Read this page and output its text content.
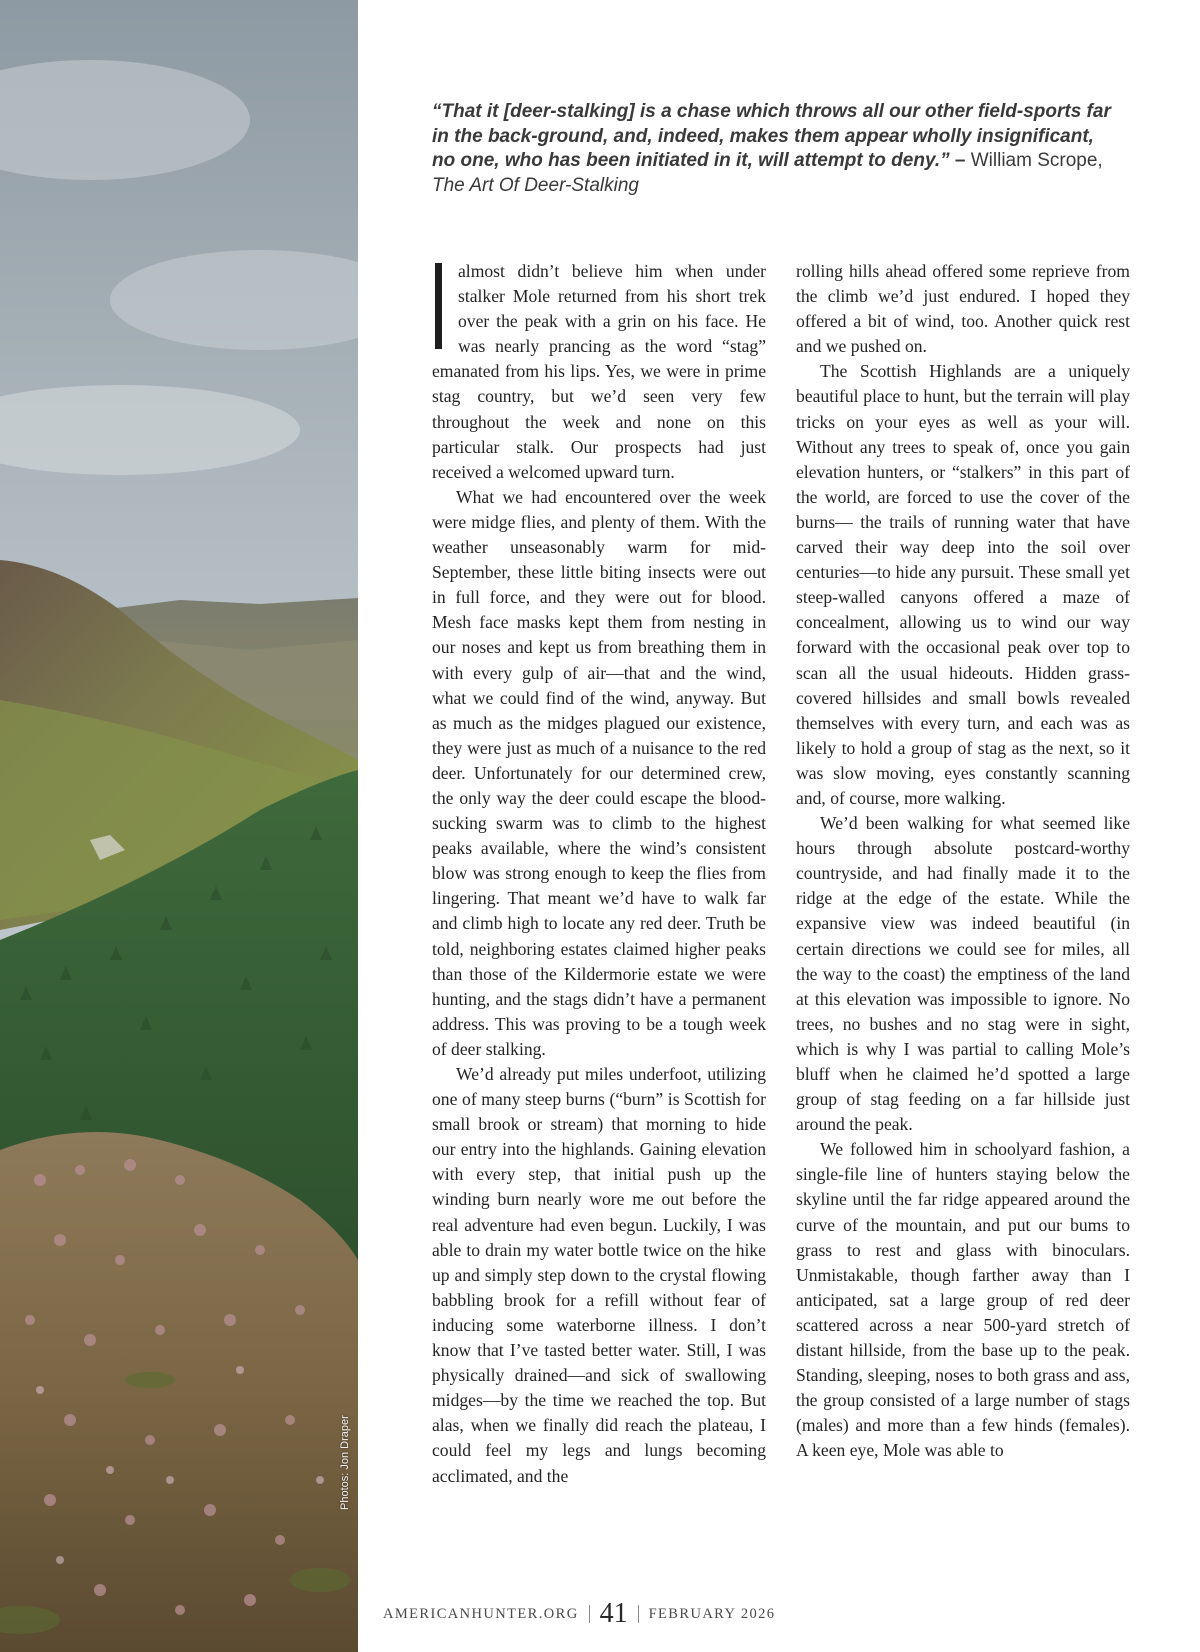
Photos: Jon Draper
“That it [deer-stalking] is a chase which throws all our other field-sports far in the back-ground, and, indeed, makes them appear wholly insignificant, no one, who has been initiated in it, will attempt to deny.” – William Scrope, The Art Of Deer-Stalking

almost didn’t believe him when under stalker Mole returned from his short trek over the peak with a grin on his face. He was nearly prancing as the word “stag” emanated from his lips. Yes, we were in prime stag country, but we’d seen very few throughout the week and none on this particular stalk. Our prospects had just received a welcomed upward turn.

What we had encountered over the week were midge flies, and plenty of them. With the weather unseasonably warm for mid-September, these little biting insects were out in full force, and they were out for blood. Mesh face masks kept them from nesting in our noses and kept us from breathing them in with every gulp of air—that and the wind, what we could find of the wind, anyway. But as much as the midges plagued our existence, they were just as much of a nuisance to the red deer. Unfortunately for our determined crew, the only way the deer could escape the blood-sucking swarm was to climb to the highest peaks available, where the wind’s consistent blow was strong enough to keep the flies from lingering. That meant we’d have to walk far and climb high to locate any red deer. Truth be told, neighboring estates claimed higher peaks than those of the Kildermorie estate we were hunting, and the stags didn’t have a permanent address. This was proving to be a tough week of deer stalking.

We’d already put miles underfoot, utilizing one of many steep burns (“burn” is Scottish for small brook or stream) that morning to hide our entry into the highlands. Gaining elevation with every step, that initial push up the winding burn nearly wore me out before the real adventure had even begun. Luckily, I was able to drain my water bottle twice on the hike up and simply step down to the crystal flowing babbling brook for a refill without fear of inducing some waterborne illness. I don’t know that I’ve tasted better water. Still, I was physically drained—and sick of swallowing midges—by the time we reached the top. But alas, when we finally did reach the plateau, I could feel my legs and lungs becoming acclimated, and the

rolling hills ahead offered some reprieve from the climb we’d just endured. I hoped they offered a bit of wind, too. Another quick rest and we pushed on.

The Scottish Highlands are a uniquely beautiful place to hunt, but the terrain will play tricks on your eyes as well as your will. Without any trees to speak of, once you gain elevation hunters, or “stalkers” in this part of the world, are forced to use the cover of the burns— the trails of running water that have carved their way deep into the soil over centuries—to hide any pursuit. These small yet steep-walled canyons offered a maze of concealment, allowing us to wind our way forward with the occasional peak over top to scan all the usual hideouts. Hidden grass-covered hillsides and small bowls revealed themselves with every turn, and each was as likely to hold a group of stag as the next, so it was slow moving, eyes constantly scanning and, of course, more walking.

We’d been walking for what seemed like hours through absolute postcard-worthy countryside, and had finally made it to the ridge at the edge of the estate. While the expansive view was indeed beautiful (in certain directions we could see for miles, all the way to the coast) the emptiness of the land at this elevation was impossible to ignore. No trees, no bushes and no stag were in sight, which is why I was partial to calling Mole’s bluff when he claimed he’d spotted a large group of stag feeding on a far hillside just around the peak.

We followed him in schoolyard fashion, a single-file line of hunters staying below the skyline until the far ridge appeared around the curve of the mountain, and put our bums to grass to rest and glass with binoculars. Unmistakable, though farther away than I anticipated, sat a large group of red deer scattered across a near 500-yard stretch of distant hillside, from the base up to the peak. Standing, sleeping, noses to both grass and ass, the group consisted of a large number of stags (males) and more than a few hinds (females). A keen eye, Mole was able to

AMERICANHUNTER.ORG 41 FEBRUARY 2026
